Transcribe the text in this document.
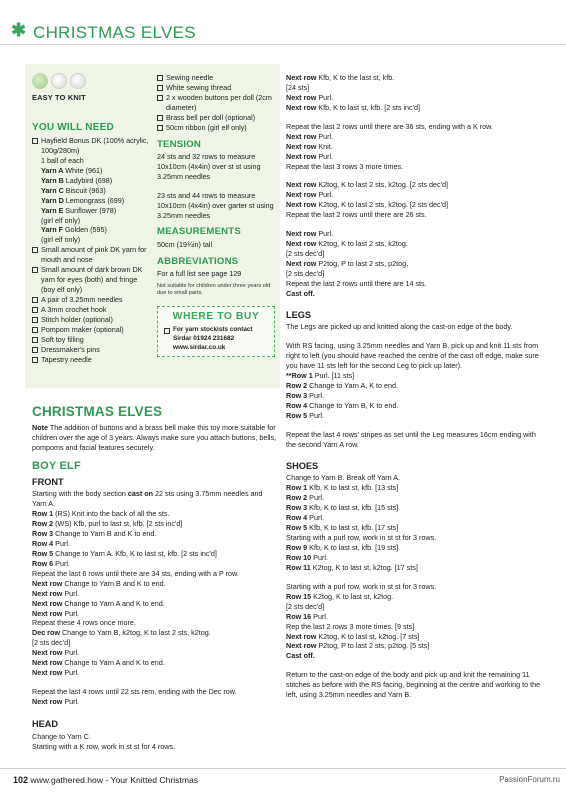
✱ CHRISTMAS ELVES
EASY TO KNIT
YOU WILL NEED
Hayfield Bonus DK (100% acrylic, 100g/280m)
1 ball of each
Yarn A White (961)
Yarn B Ladybird (698)
Yarn C Biscuit (963)
Yarn D Lemongrass (699)
Yarn E Sunflower (978)
(girl elf only)
Yarn F Golden (595)
(girl elf only)
Small amount of pink DK yarn for mouth and nose
Small amount of dark brown DK yarn for eyes (both) and fringe (boy elf only)
A pair of 3.25mm needles
A 3mm crochet hook
Stitch holder (optional)
Pompom maker (optional)
Soft toy filling
Dressmaker's pins
Tapestry needle
Sewing needle
White sewing thread
2 x wooden buttons per doll (2cm diameter)
Brass bell per doll (optional)
50cm ribbon (girl elf only)
TENSION
24 sts and 32 rows to measure 10x10cm (4x4in) over st st using 3.25mm needles
23 sts and 44 rows to measure 10x10cm (4x4in) over garter st using 3.25mm needles
MEASUREMENTS
50cm (19¾in) tall
ABBREVIATIONS
For a full list see page 129
Not suitable for children under three years old due to small parts.
WHERE TO BUY
For yarn stockists contact
Sirdar 01924 231682
www.sirdar.co.uk
CHRISTMAS ELVES
Note The addition of buttons and a brass bell make this toy more suitable for children over the age of 3 years. Always make sure you attach buttons, bells, pompoms and facial features securely.
BOY ELF
FRONT
Starting with the body section cast on 22 sts using 3.75mm needles and Yarn A.
Row 1 (RS) Knit into the back of all the sts.
Row 2 (WS) Kfb, purl to last st, kfb. [2 sts inc'd]
Row 3 Change to Yarn B and K to end.
Row 4 Purl.
Row 5 Change to Yarn A. Kfb, K to last st, kfb. [2 sts inc'd]
Row 6 Purl.
Repeat the last 6 rows until there are 34 sts, ending with a P row.
Next row Change to Yarn B and K to end.
Next row Purl.
Next row Change to Yarn A and K to end.
Next row Purl.
Repeat these 4 rows once more.
Dec row Change to Yarn B, k2tog, K to last 2 sts, k2tog.
[2 sts dec'd]
Next row Purl.
Next row Change to Yarn A and K to end.
Next row Purl.
Repeat the last 4 rows until 22 sts rem, ending with the Dec row.
Next row Purl.
HEAD
Change to Yarn C.
Starting with a K row, work in st st for 4 rows.
Next row Kfb, K to the last st, kfb.
[24 sts]
Next row Purl.
Next row Kfb, K to last st, kfb. [2 sts inc'd]
Repeat the last 2 rows until there are 36 sts, ending with a K row.
Next row Purl.
Next row Knit.
Next row Purl.
Repeat the last 3 rows 3 more times.
Next row K2tog, K to last 2 sts, k2tog. [2 sts dec'd]
Next row Purl.
Next row K2tog, K to last 2 sts, k2tog. [2 sts dec'd]
Repeat the last 2 rows until there are 26 sts.
Next row Purl.
Next row K2tog, K to last 2 sts, k2tog.
[2 sts dec'd]
Next row P2tog, P to last 2 sts, p2tog,
[2 sts dec'd]
Repeat the last 2 rows until there are 14 sts.
Cast off.
LEGS
The Legs are picked up and knitted along the cast-on edge of the body.
With RS facing, using 3.25mm needles and Yarn B, pick up and knit 11 sts from right to left (you should have reached the centre of the cast off edge, make sure you have 11 sts left for the second Leg to pick up later).
**Row 1 Purl. [11 sts]
Row 2 Change to Yarn A, K to end.
Row 3 Purl.
Row 4 Change to Yarn B, K to end.
Row 5 Purl.
Repeat the last 4 rows' stripes as set until the Leg measures 16cm ending with the second Yarn A row.
SHOES
Change to Yarn B. Break off Yarn A.
Row 1 Kfb, K to last st, kfb. [13 sts]
Row 2 Purl.
Row 3 Kfb, K to last st, kfb. [15 sts]
Row 4 Purl.
Row 5 Kfb, K to last st, kfb. [17 sts]
Starting with a purl row, work in st st for 3 rows.
Row 9 Kfb, K to last st, kfb. [19 sts]
Row 10 Purl.
Row 11 K2tog, K to last st, k2tog. [17 sts]
Starting with a purl row, work in st st for 3 rows.
Row 15 K2tog, K to last st, k2tog.
[2 sts dec'd]
Row 16 Purl.
Rep the last 2 rows 3 more times. [9 sts]
Next row K2tog, K to last st, k2tog. [7 sts]
Next row P2tog, P to last 2 sts, p2tog. [5 sts]
Cast off.
Return to the cast-on edge of the body and pick up and knit the remaining 11 stitches as before with the RS facing, beginning at the centre and working to the left, using 3.25mm needles and Yarn B.
102 www.gathered.how - Your Knitted Christmas	PassionForum.ru
